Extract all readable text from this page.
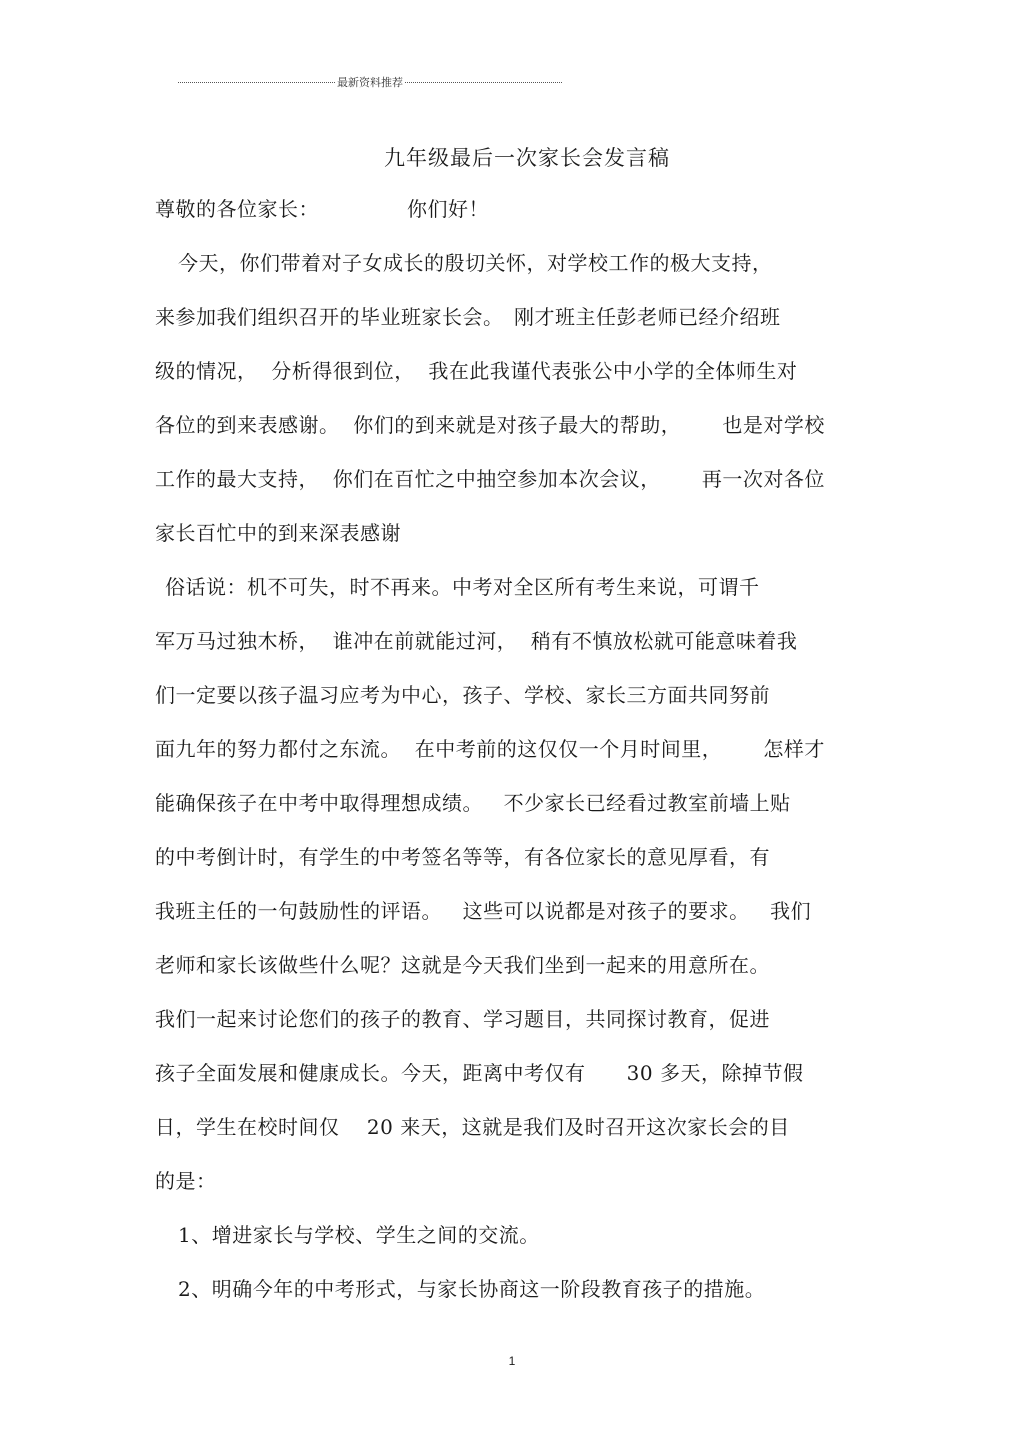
最新资料推荐
九年级最后一次家长会发言稿
尊敬的各位家长：	你们好！
今天，你们带着对子女成长的殷切关怀，对学校工作的极大支持，
来参加我们组织召开的毕业班家长会。　刚才班主任彭老师已经介绍班
级的情况，  分析得很到位，  我在此我谨代表张公中小学的全体师生对
各位的到来表感谢。  你们的到来就是对孩子最大的帮助，      也是对学校
工作的最大支持，  你们在百忙之中抽空参加本次会议，      再一次对各位
家长百忙中的到来深表感谢
俗话说：机不可失，时不再来。中考对全区所有考生来说，可谓千
军万马过独木桥，  谁冲在前就能过河，  稍有不慎放松就可能意味着我
们一定要以孩子温习应考为中心，孩子、学校、家长三方面共同努前
面九年的努力都付之东流。  在中考前的这仅仅一个月时间里，      怎样才
能确保孩子在中考中取得理想成绩。   不少家长已经看过教室前墙上贴
的中考倒计时，有学生的中考签名等等，有各位家长的意见厚看，有
我班主任的一句鼓励性的评语。   这些可以说都是对孩子的要求。   我们
老师和家长该做些什么呢？这就是今天我们坐到一起来的用意所在。
我们一起来讨论您们的孩子的教育、学习题目，共同探讨教育，促进
孩子全面发展和健康成长。今天，距离中考仅有      30 多天，除掉节假
日，学生在校时间仅    20 来天，这就是我们及时召开这次家长会的目
的是：
1、增进家长与学校、学生之间的交流。
2、明确今年的中考形式，与家长协商这一阶段教育孩子的措施。
1
